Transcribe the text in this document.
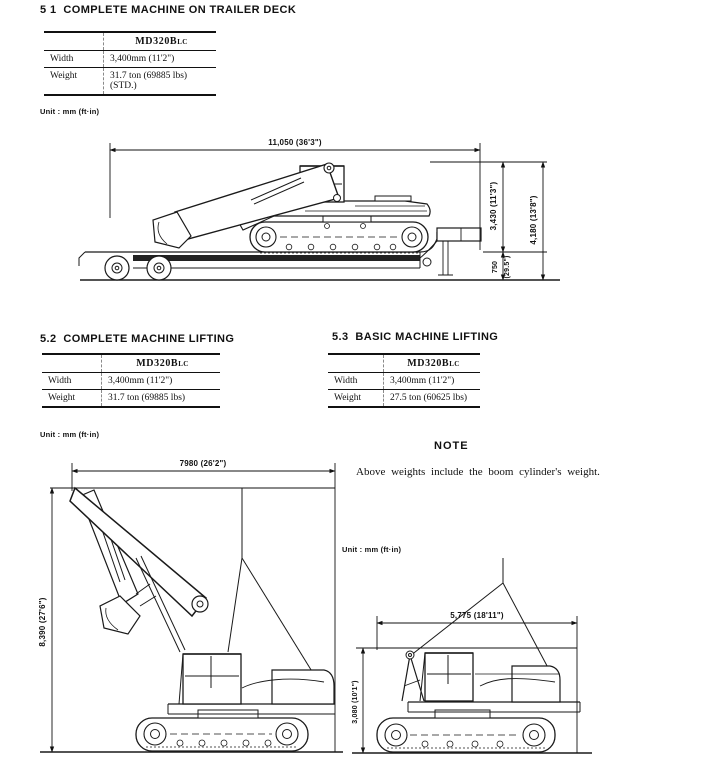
5 1  COMPLETE MACHINE ON TRAILER DECK
	MD320BLC
Width	3,400mm (11'2")
Weight	31.7 ton (69885 lbs)
(STD.)
Unit : mm (ft·in)
11,050 (36'3")
3,430 (11'3")	4,180 (13'8")
750 (29.5")
5.2  COMPLETE MACHINE LIFTING
	MD320BLC
Width	3,400mm (11'2")
Weight	31.7 ton (69885 lbs)
Unit : mm (ft·in)
7980 (26'2")
8,390 (27'6")
5.3  BASIC MACHINE LIFTING
	MD320BLC
Width	3,400mm (11'2")
Weight	27.5 ton (60625 lbs)
NOTE
Above weights include the boom cylinder's weight.
Unit : mm (ft·in)
5,775 (18'11")
3,080 (10'1")
